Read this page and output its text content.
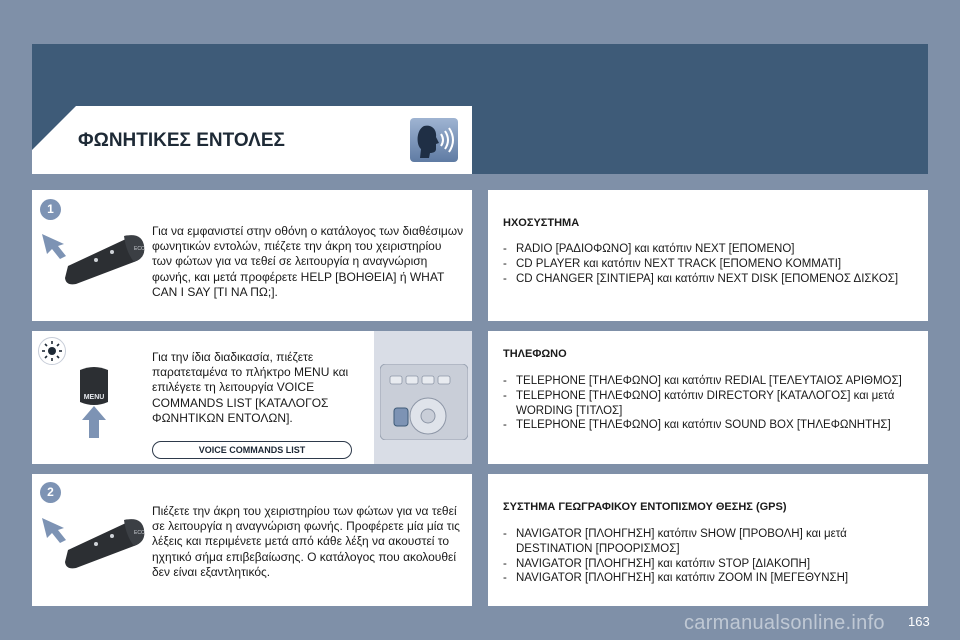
ΦΩΝΗΤΙΚΕΣ ΕΝΤΟΛΕΣ
1
ECO
Για να εμφανιστεί στην οθόνη ο κατάλογος των διαθέσιμων φωνητικών εντολών, πιέζετε την άκρη του χειριστηρίου των φώτων για να τεθεί σε λειτουργία η αναγνώριση φωνής, και μετά προφέρετε HELP [ΒΟΗΘΕΙΑ] ή WHAT CAN I SAY [ΤΙ ΝΑ ΠΩ;].
MENU
Για την ίδια διαδικασία, πιέζετε παρατεταμένα το πλήκτρο MENU και επιλέγετε τη λειτουργία VOICE COMMANDS LIST [ΚΑΤΑΛΟΓΟΣ ΦΩΝΗΤΙΚΩΝ ΕΝΤΟΛΩΝ].
VOICE COMMANDS LIST
2
ECO
Πιέζετε την άκρη του χειριστηρίου των φώτων για να τεθεί σε λειτουργία η αναγνώριση φωνής. Προφέρετε μία μία τις λέξεις και περιμένετε μετά από κάθε λέξη να ακουστεί το ηχητικό σήμα επιβεβαίωσης. Ο κατάλογος που ακολουθεί δεν είναι εξαντλητικός.
ΗΧΟΣΥΣΤΗΜΑ
- RADIO [ΡΑΔΙΟΦΩΝΟ] και κατόπιν NEXT [ΕΠΟΜΕΝΟ]
- CD PLAYER και κατόπιν NEXT TRACK [ΕΠΟΜΕΝΟ ΚΟΜΜΑΤΙ]
- CD CHANGER [ΣΙΝΤΙΕΡΑ] και κατόπιν NEXT DISK [ΕΠΟΜΕΝΟΣ ΔΙΣΚΟΣ]
ΤΗΛΕΦΩΝΟ
- TELEPHONE [ΤΗΛΕΦΩΝΟ] και κατόπιν REDIAL [ΤΕΛΕΥΤΑΙΟΣ ΑΡΙΘΜΟΣ]
- TELEPHONE [ΤΗΛΕΦΩΝΟ] κατόπιν DIRECTORY [ΚΑΤΑΛΟΓΟΣ] και μετά WORDING [ΤΙΤΛΟΣ]
- TELEPHONE [ΤΗΛΕΦΩΝΟ] και κατόπιν SOUND BOX [ΤΗΛΕΦΩΝΗΤΗΣ]
ΣΥΣΤΗΜΑ ΓΕΩΓΡΑΦΙΚΟΥ ΕΝΤΟΠΙΣΜΟΥ ΘΕΣΗΣ (GPS)
- NAVIGATOR [ΠΛΟΗΓΗΣΗ] κατόπιν SHOW [ΠΡΟΒΟΛΗ] και μετά DESTINATION [ΠΡΟΟΡΙΣΜΟΣ]
- NAVIGATOR [ΠΛΟΗΓΗΣΗ] και κατόπιν STOP [ΔΙΑΚΟΠΗ]
- NAVIGATOR [ΠΛΟΗΓΗΣΗ] και κατόπιν ZOOM IN [ΜΕΓΕΘΥΝΣΗ]
carmanualsonline.info 163
